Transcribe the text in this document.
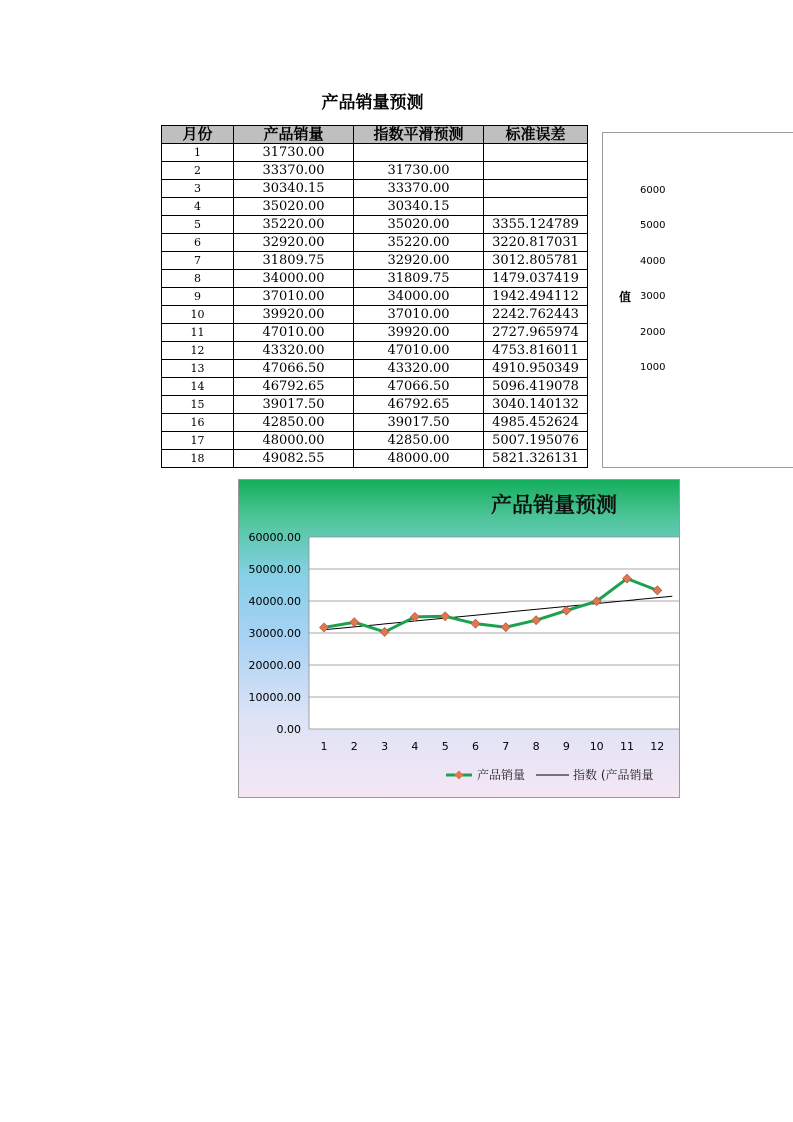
产品销量预测
月份	产品销量	指数平滑预测	标准误差
1	31730.00		
2	33370.00	31730.00	
3	30340.15	33370.00	
4	35020.00	30340.15	
5	35220.00	35020.00	3355.124789
6	32920.00	35220.00	3220.817031
7	31809.75	32920.00	3012.805781
8	34000.00	31809.75	1479.037419
9	37010.00	34000.00	1942.494112
10	39920.00	37010.00	2242.762443
11	47010.00	39920.00	2727.965974
12	43320.00	47010.00	4753.816011
13	47066.50	43320.00	4910.950349
14	46792.65	47066.50	5096.419078
15	39017.50	46792.65	3040.140132
16	42850.00	39017.50	4985.452624
17	48000.00	42850.00	5007.195076
18	49082.55	48000.00	5821.326131
值
6000
5000
4000
3000
2000
1000
60000.00
50000.00
40000.00
30000.00
20000.00
10000.00
0.00
1 2 3 4 5 6 7 8 9 10 11 12
产品销量预测
产品销量	指数 (产品销量
